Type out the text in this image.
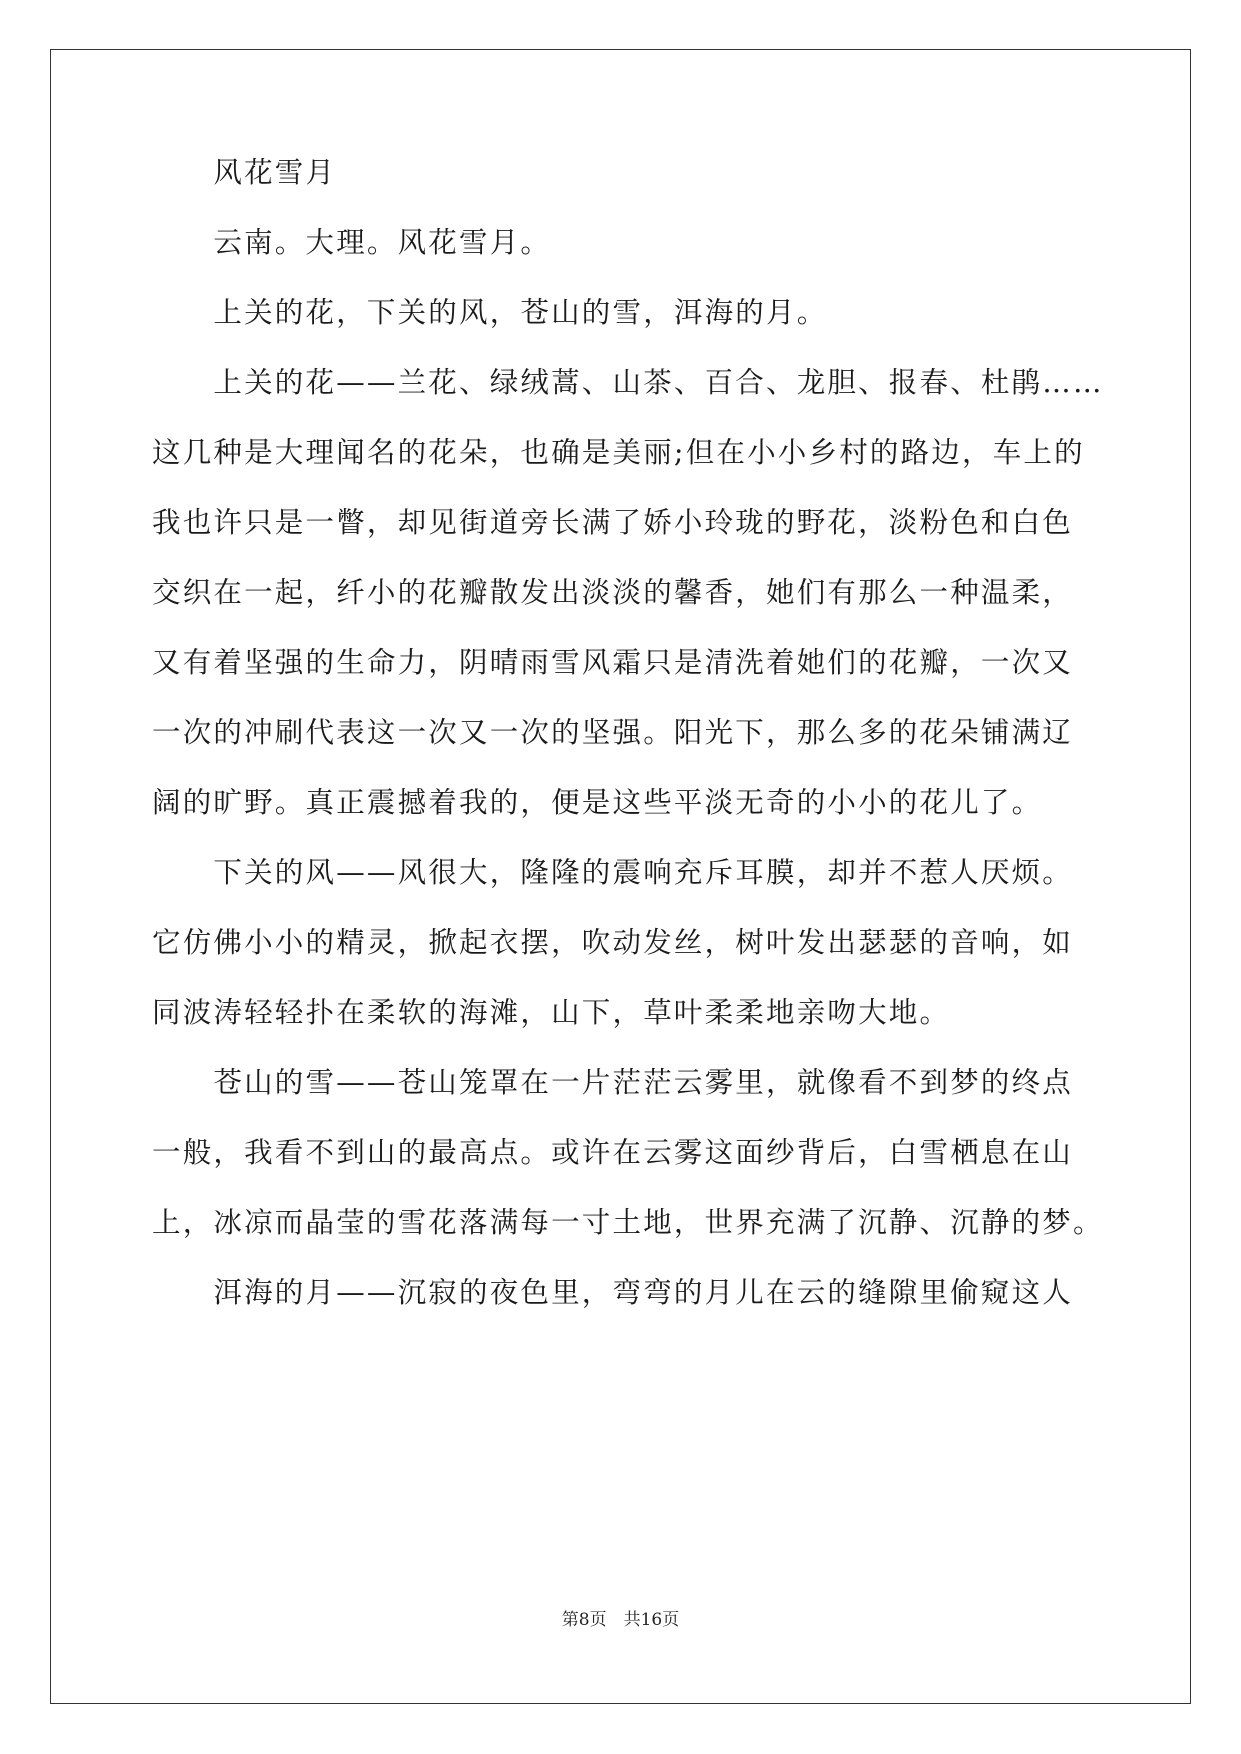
　　风花雪月
　　云南。大理。风花雪月。
　　上关的花，下关的风，苍山的雪，洱海的月。
　　上关的花——兰花、绿绒蒿、山茶、百合、龙胆、报春、杜鹃……
这几种是大理闻名的花朵，也确是美丽;但在小小乡村的路边，车上的
我也许只是一瞥，却见街道旁长满了娇小玲珑的野花，淡粉色和白色
交织在一起，纤小的花瓣散发出淡淡的馨香，她们有那么一种温柔，
又有着坚强的生命力，阴晴雨雪风霜只是清洗着她们的花瓣，一次又
一次的冲刷代表这一次又一次的坚强。阳光下，那么多的花朵铺满辽
阔的旷野。真正震撼着我的，便是这些平淡无奇的小小的花儿了。
　　下关的风——风很大，隆隆的震响充斥耳膜，却并不惹人厌烦。
它仿佛小小的精灵，掀起衣摆，吹动发丝，树叶发出瑟瑟的音响，如
同波涛轻轻扑在柔软的海滩，山下，草叶柔柔地亲吻大地。
　　苍山的雪——苍山笼罩在一片茫茫云雾里，就像看不到梦的终点
一般，我看不到山的最高点。或许在云雾这面纱背后，白雪栖息在山
上，冰凉而晶莹的雪花落满每一寸土地，世界充满了沉静、沉静的梦。
　　洱海的月——沉寂的夜色里，弯弯的月儿在云的缝隙里偷窥这人
第8页　共16页
